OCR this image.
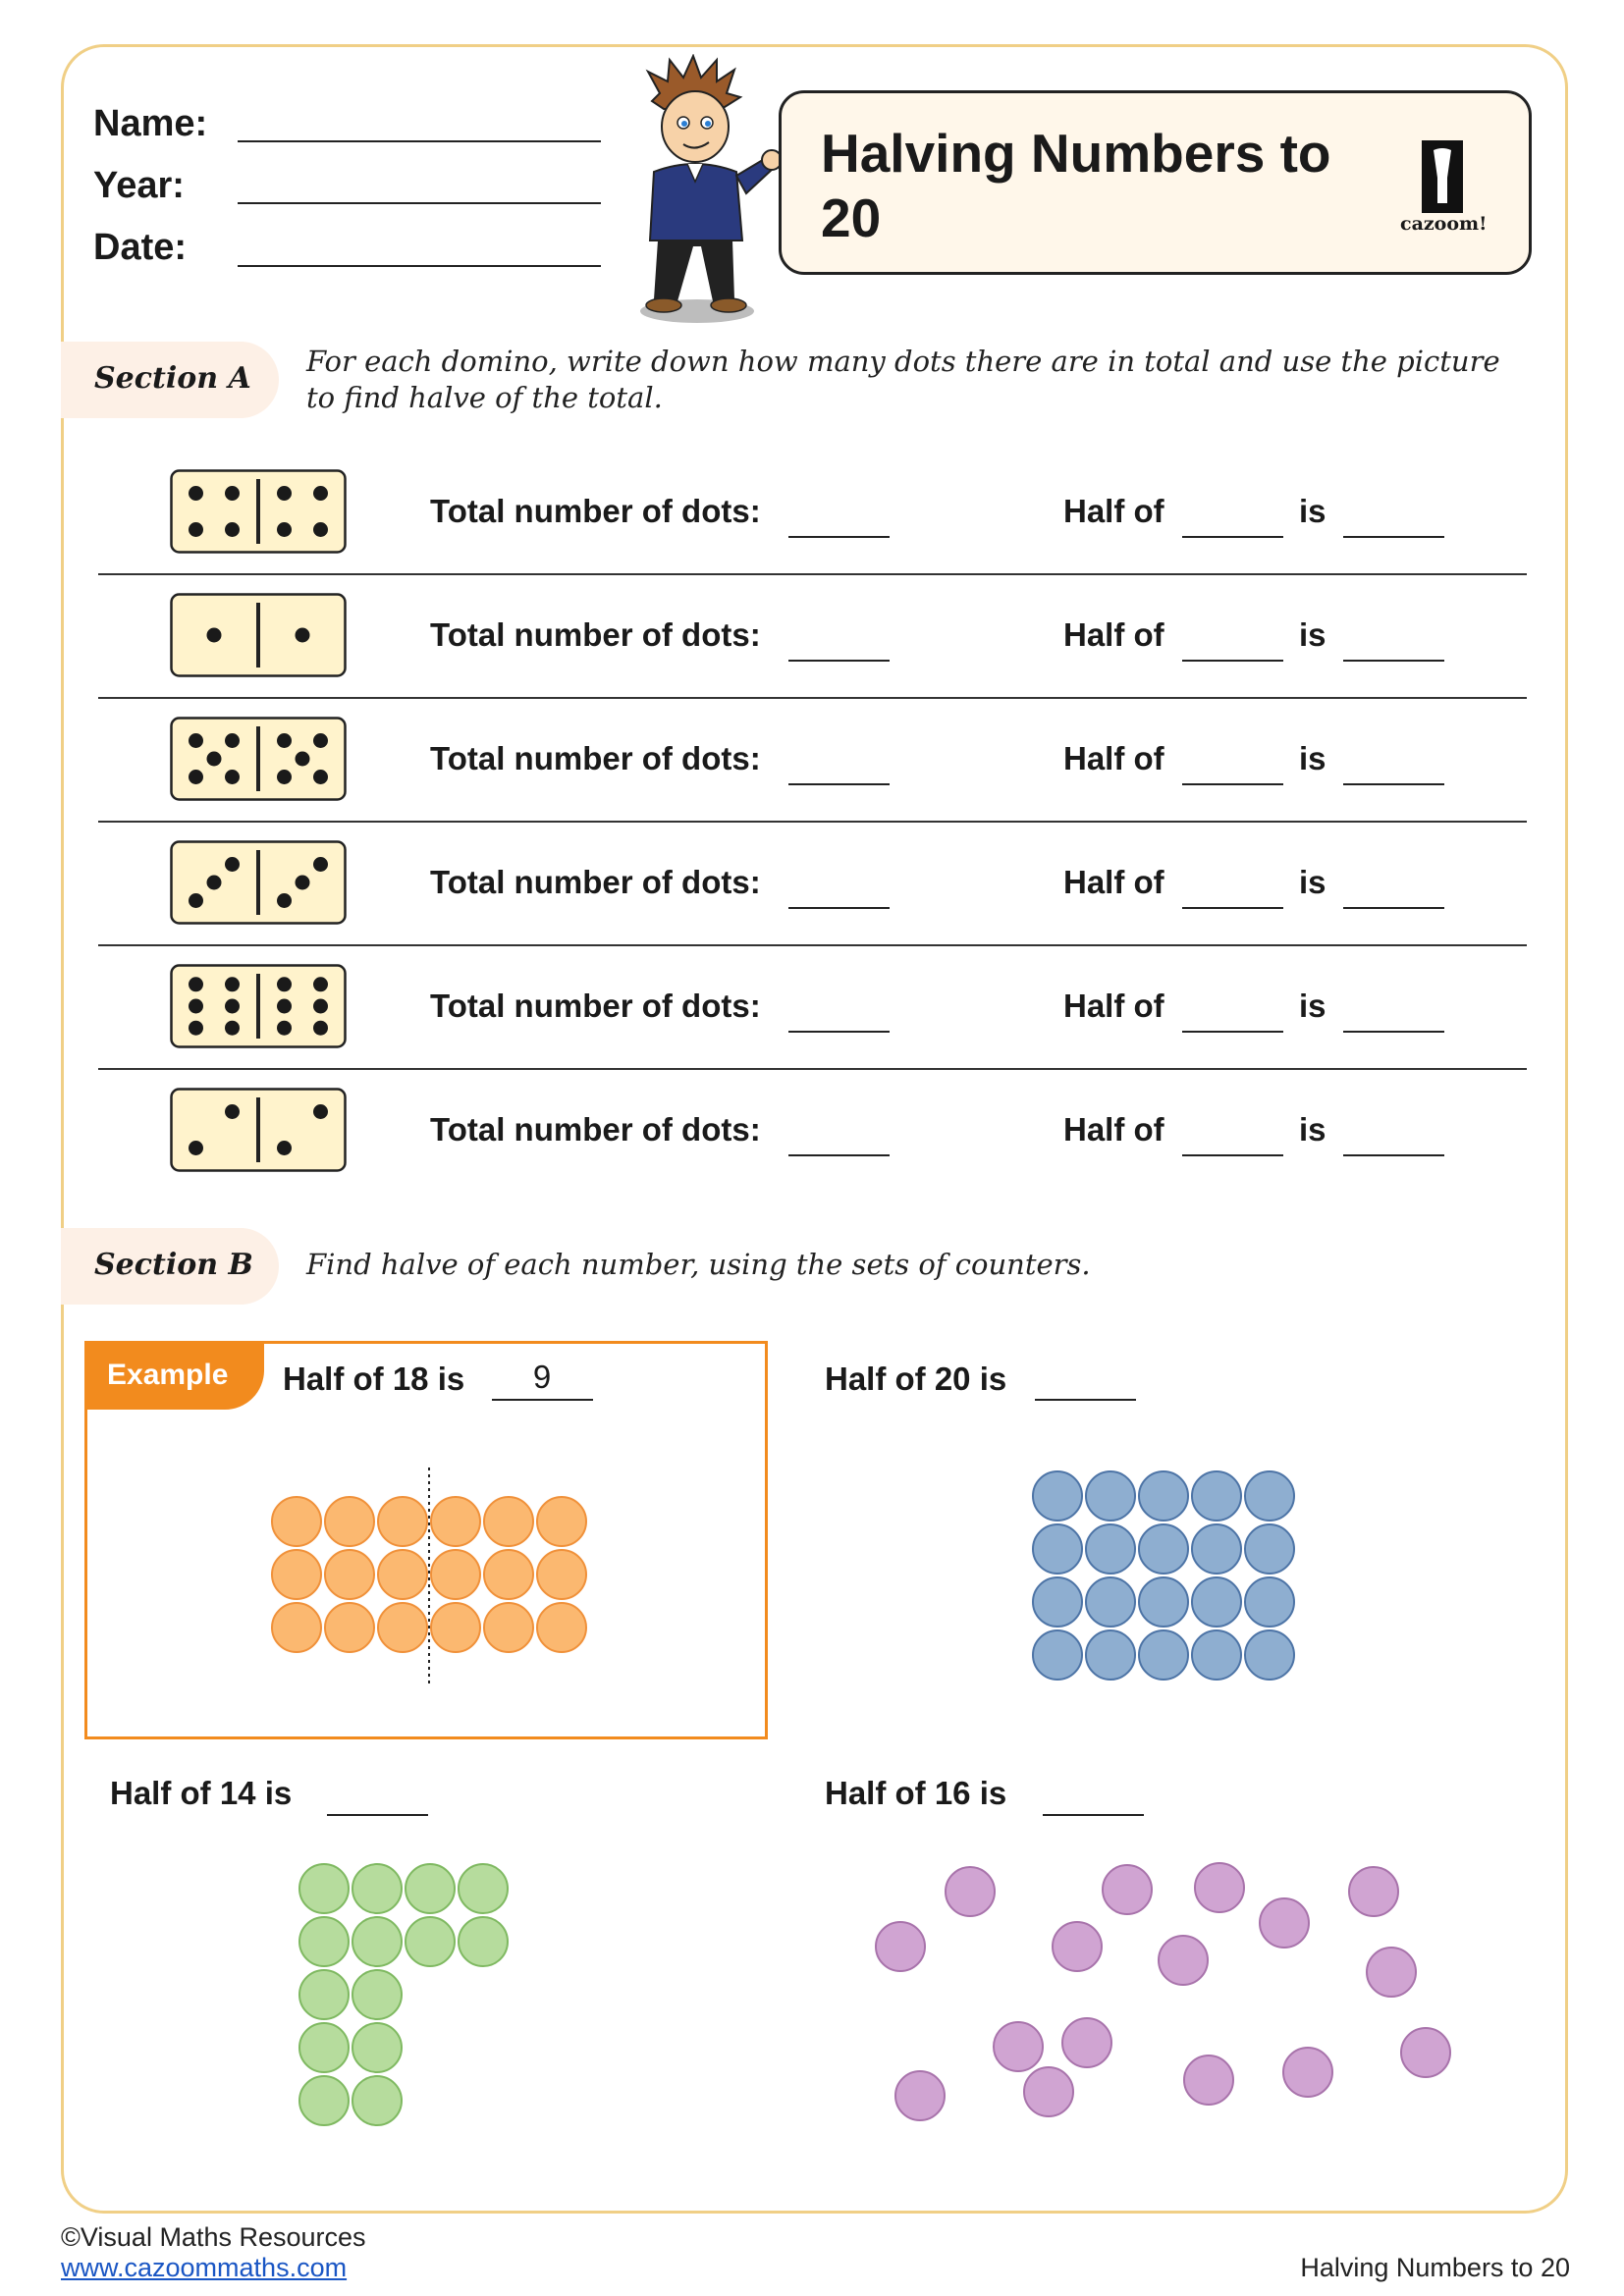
Name:
Year:
Date:
Halving Numbers to 20	cazoom!
Section A For each domino, write down how many dots there are in total and use the picture to find halve of the total.
Total number of dots:	Half of	is
Total number of dots:	Half of	is
Total number of dots:	Half of	is
Total number of dots:	Half of	is
Total number of dots:	Half of	is
Total number of dots:	Half of	is
Section B Find halve of each number, using the sets of counters.
Example Half of 18 is 9	Half of 20 is
Half of 14 is	Half of 16 is
©Visual Maths Resources
www.cazoommaths.com	Halving Numbers to 20
